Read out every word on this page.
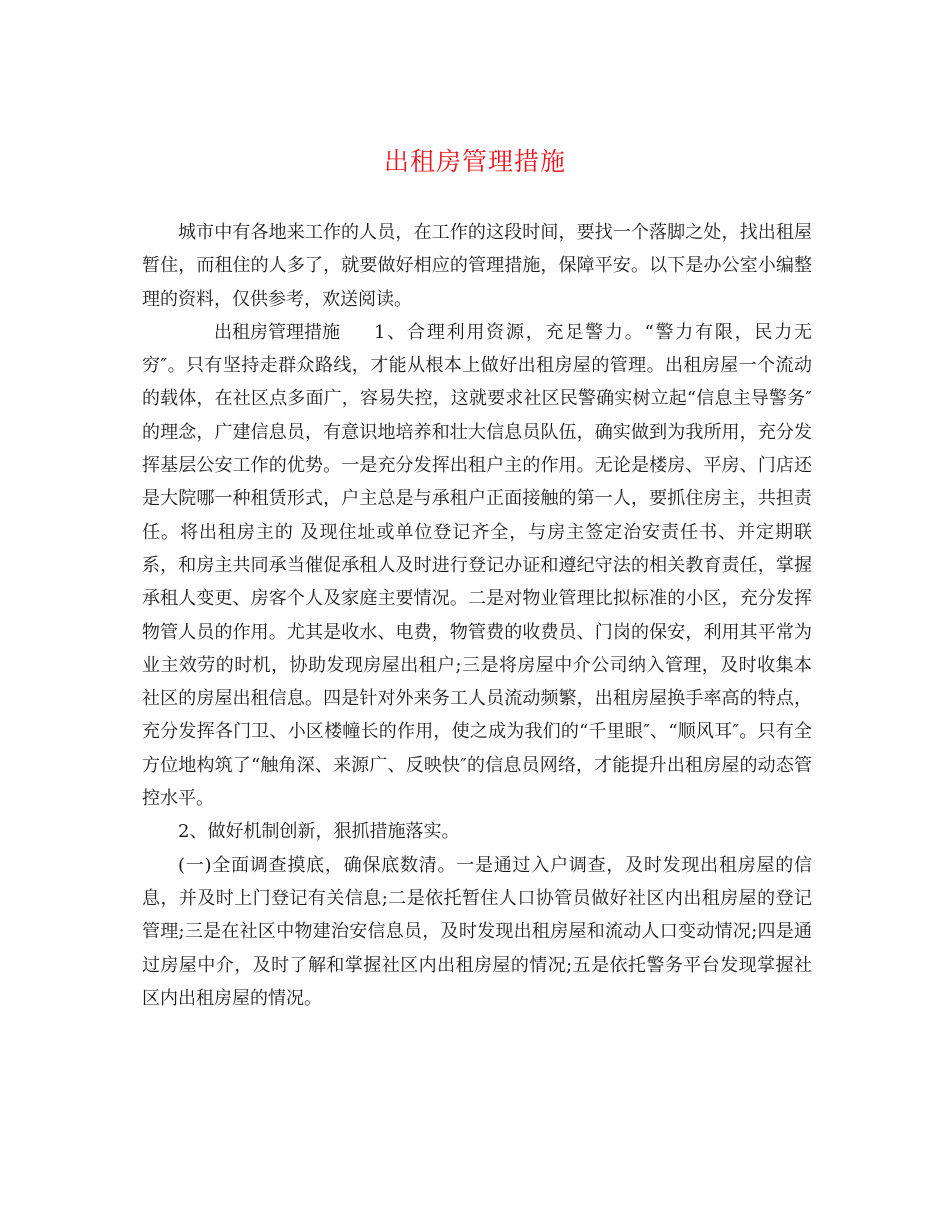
出租房管理措施

城市中有各地来工作的人员，在工作的这段时间，要找一个落脚之处，找出租屋暂住，而租住的人多了，就要做好相应的管理措施，保障平安。以下是办公室小编整理的资料，仅供参考，欢送阅读。

出租房管理措施 1、合理利用资源，充足警力。“警力有限，民力无穷″。只有坚持走群众路线，才能从根本上做好出租房屋的管理。出租房屋一个流动的载体，在社区点多面广，容易失控，这就要求社区民警确实树立起“信息主导警务″的理念，广建信息员，有意识地培养和壮大信息员队伍，确实做到为我所用，充分发挥基层公安工作的优势。一是充分发挥出租户主的作用。无论是楼房、平房、门店还是大院哪一种租赁形式，户主总是与承租户正面接触的第一人，要抓住房主，共担责任。将出租房主的 及现住址或单位登记齐全，与房主签定治安责任书、并定期联系，和房主共同承当催促承租人及时进行登记办证和遵纪守法的相关教育责任，掌握承租人变更、房客个人及家庭主要情况。二是对物业管理比拟标准的小区，充分发挥物管人员的作用。尤其是收水、电费，物管费的收费员、门岗的保安，利用其平常为业主效劳的时机，协助发现房屋出租户;三是将房屋中介公司纳入管理，及时收集本社区的房屋出租信息。四是针对外来务工人员流动频繁，出租房屋换手率高的特点，充分发挥各门卫、小区楼幢长的作用，使之成为我们的“千里眼″、“顺风耳″。只有全方位地构筑了“触角深、来源广、反映快″的信息员网络，才能提升出租房屋的动态管控水平。

2、做好机制创新，狠抓措施落实。

(一)全面调查摸底，确保底数清。一是通过入户调查，及时发现出租房屋的信息，并及时上门登记有关信息;二是依托暂住人口协管员做好社区内出租房屋的登记管理;三是在社区中物建治安信息员，及时发现出租房屋和流动人口变动情况;四是通过房屋中介，及时了解和掌握社区内出租房屋的情况;五是依托警务平台发现掌握社区内出租房屋的情况。
